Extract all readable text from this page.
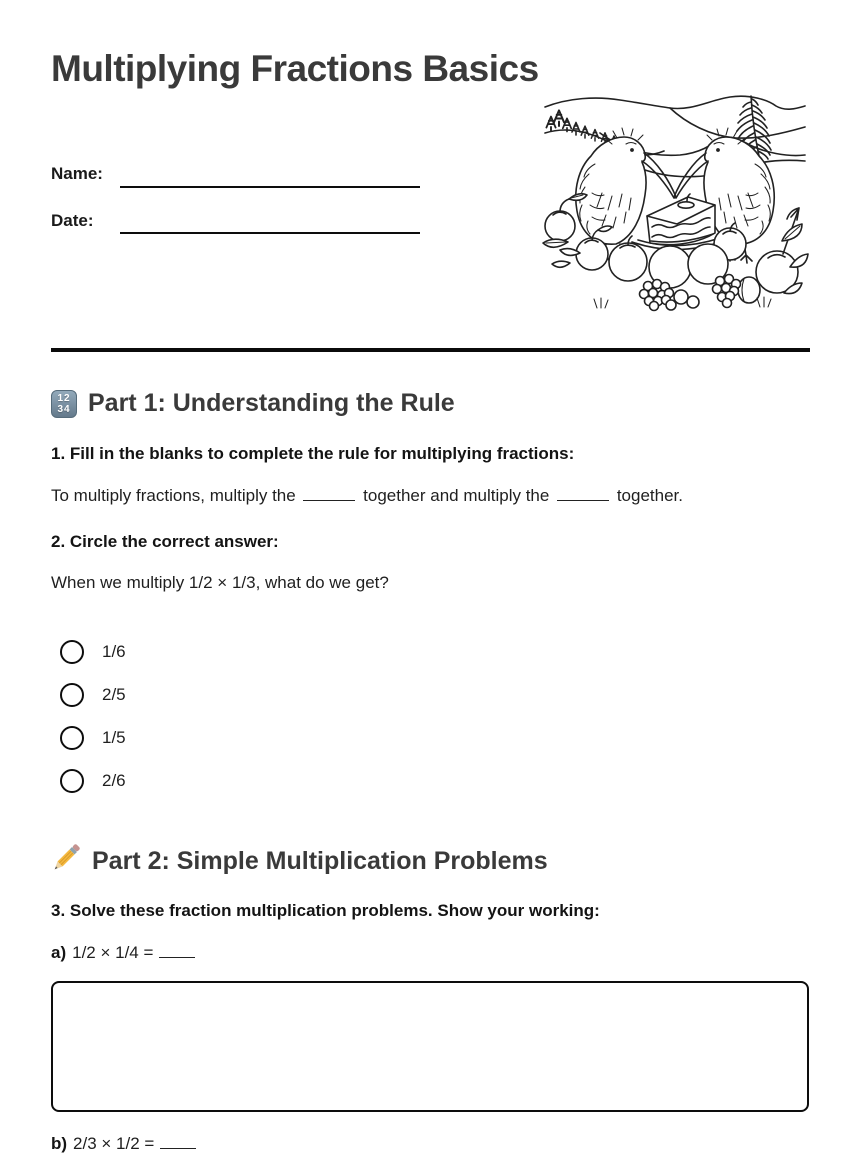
Multiplying Fractions Basics
Name:
Date:
12
34 Part 1: Understanding the Rule
1. Fill in the blanks to complete the rule for multiplying fractions:
To multiply fractions, multiply the	together and multiply the	together.
2. Circle the correct answer:
When we multiply 1/2 × 1/3, what do we get?
1/6
2/5
1/5
2/6
Part 2: Simple Multiplication Problems
3. Solve these fraction multiplication problems. Show your working:
a) 1/2 × 1/4 =
b) 2/3 × 1/2 =
